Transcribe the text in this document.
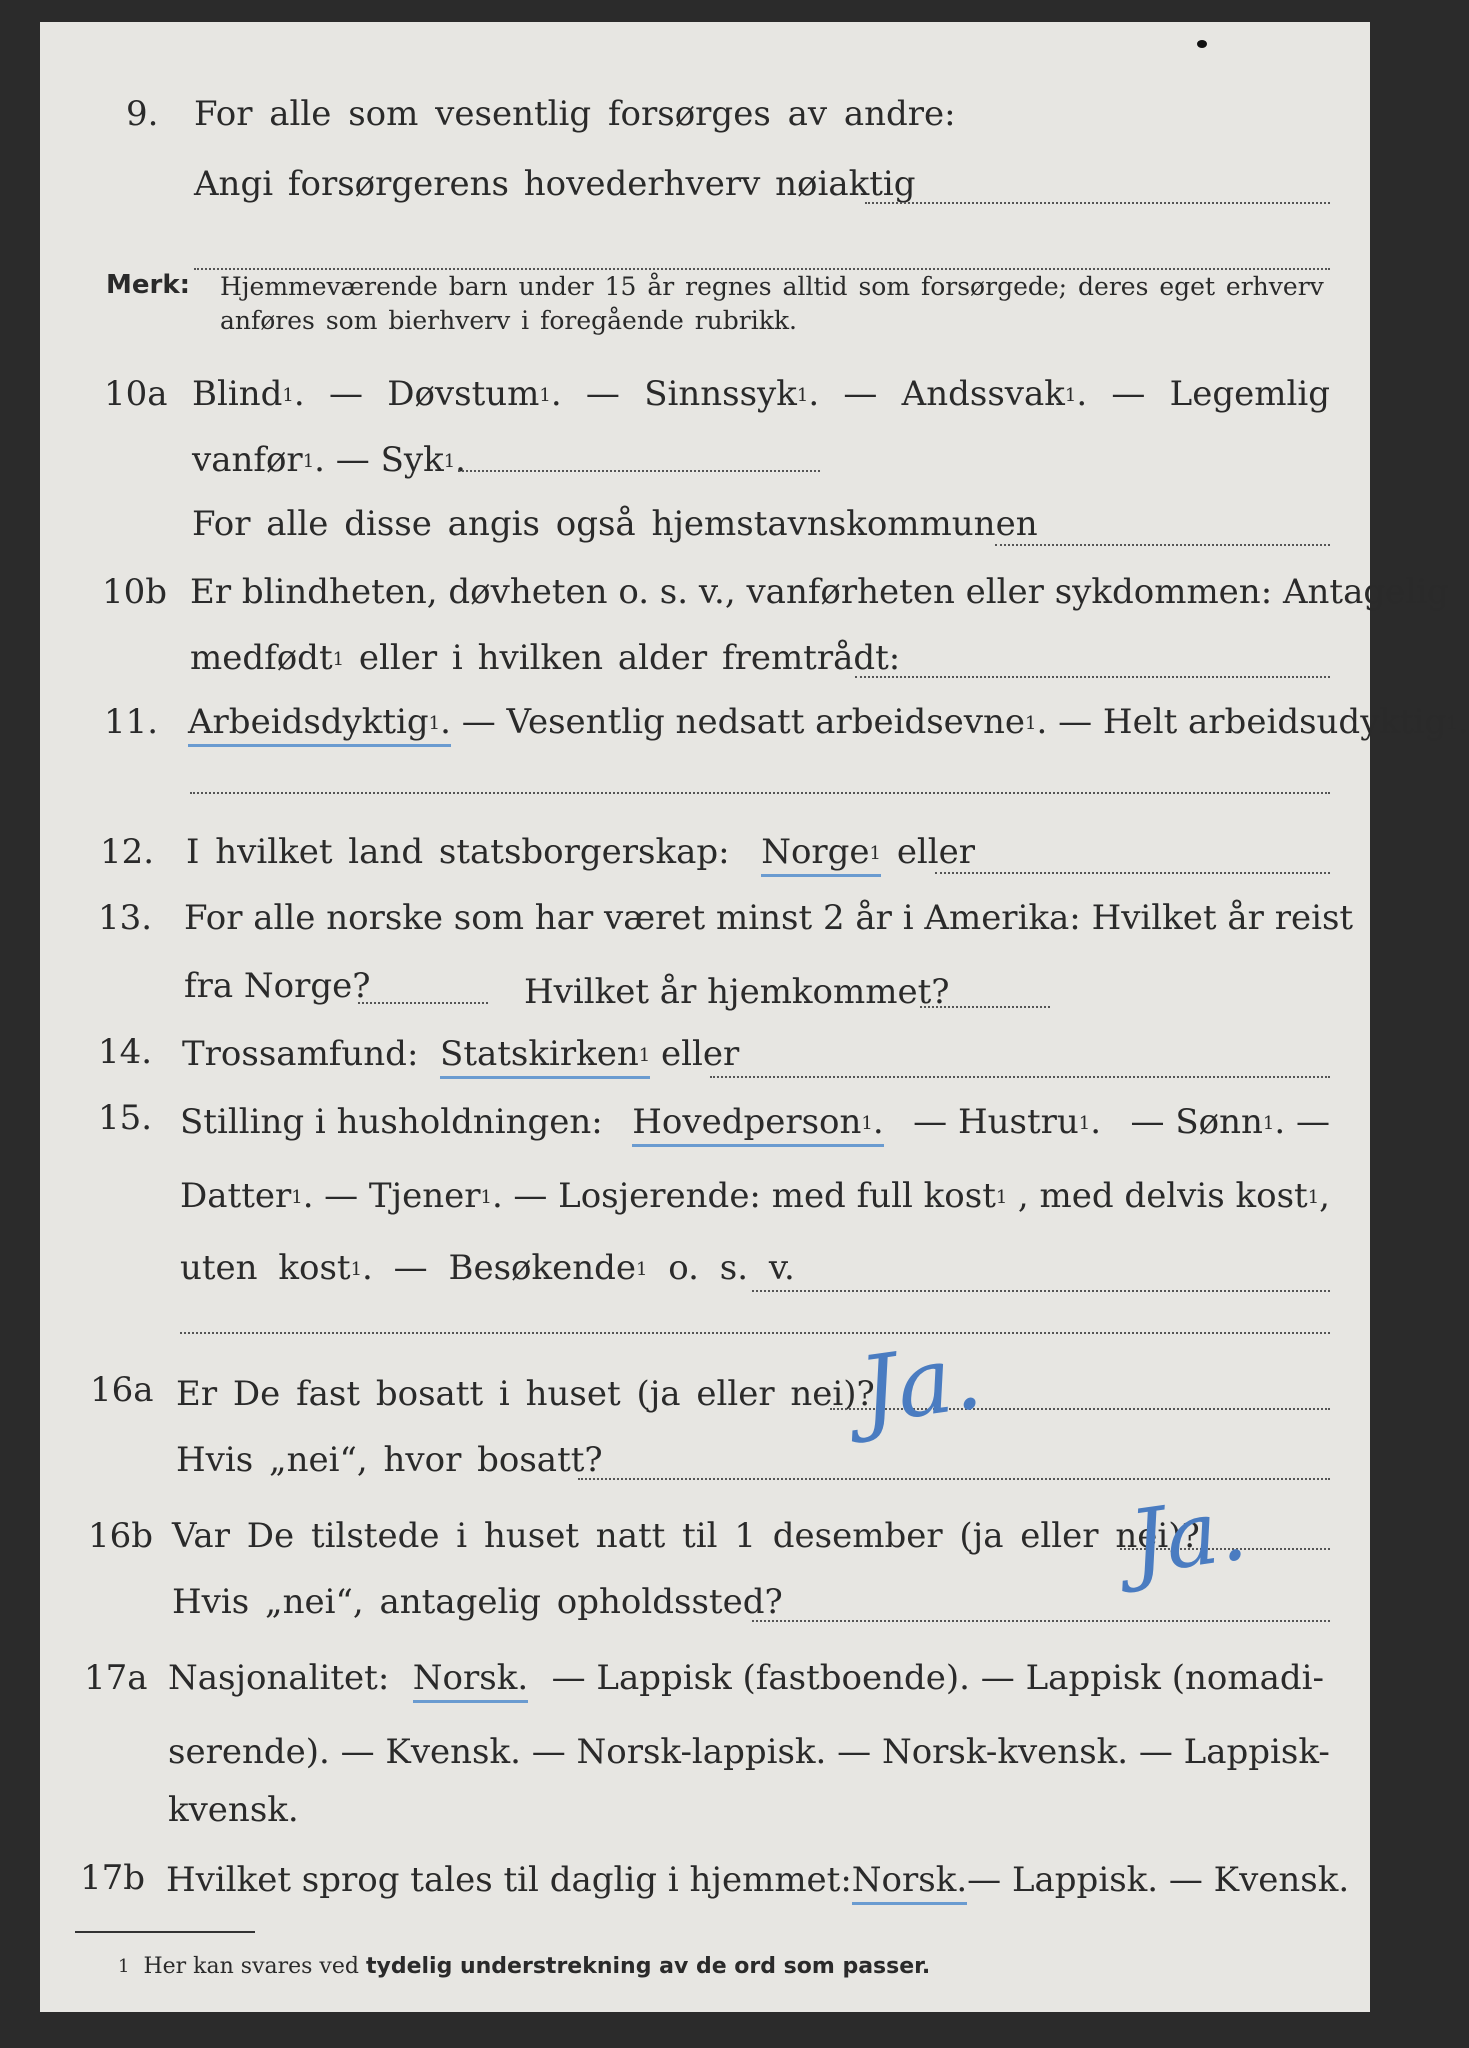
9. For alle som vesentlig forsørges av andre:
Angi forsørgerens hovederhverv nøiaktig
Merk: Hjemmeværende barn under 15 år regnes alltid som forsørgede; deres eget erhverv
anføres som bierhverv i foregående rubrikk.
10a Blind$^1$. — Døvstum$^1$. — Sinnssyk$^1$. — Andssvak$^1$. — Legemlig
vanfør$^1$. — Syk$^1$.
For alle disse angis også hjemstavnskommunen
10b Er blindheten, døvheten o. s. v., vanførheten eller sykdommen: Antagelig
medfødt$^1$ eller i hvilken alder fremtrådt:
11. Arbeidsdyktig$^1$. — Vesentlig nedsatt arbeidsevne$^1$. — Helt arbeidsudyktig$^1$.
12. I hvilket land statsborgerskap: Norge$^1$ eller
13. For alle norske som har været minst 2 år i Amerika: Hvilket år reist
fra Norge?	Hvilket år hjemkommet?
14. Trossamfund: Statskirken$^1$ eller
15. Stilling i husholdningen: Hovedperson$^1$. — Hustru$^1$. — Sønn$^1$. —
Datter$^1$. — Tjener$^1$. — Losjerende: med full kost$^1$ , med delvis kost$^1$,
uten kost$^1$. — Besøkende$^1$ o. s. v.
16a Er De fast bosatt i huset (ja eller nei)?
Ja.
Hvis „nei“, hvor bosatt?
16b Var De tilstede i huset natt til 1 desember (ja eller nei)?
Ja.
Hvis „nei“, antagelig opholdssted?
17a Nasjonalitet: Norsk. — Lappisk (fastboende). — Lappisk (nomadi-
serende). — Kvensk. — Norsk-lappisk. — Norsk-kvensk. — Lappisk-
kvensk.
17b Hvilket sprog tales til daglig i hjemmet: Norsk. — Lappisk. — Kvensk.
$^1$ Her kan svares ved tydelig understrekning av de ord som passer.
